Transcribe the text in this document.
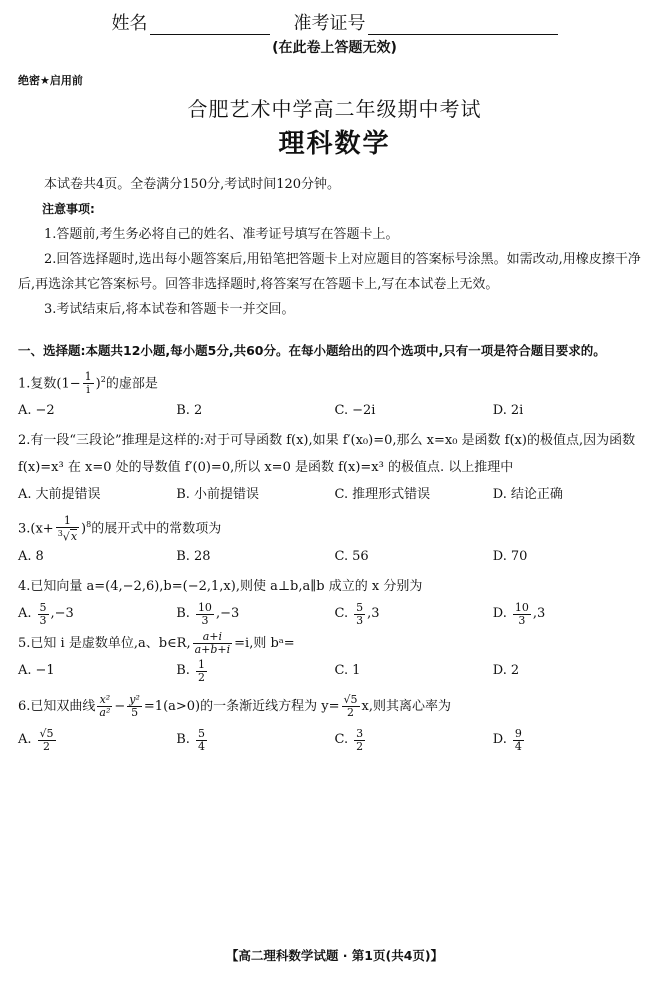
姓名	准考证号
(在此卷上答题无效)
绝密★启用前
合肥艺术中学高二年级期中考试
理科数学

本试卷共4页。全卷满分150分,考试时间120分钟。

注意事项:

1.答题前,考生务必将自己的姓名、准考证号填写在答题卡上。

2.回答选择题时,选出每小题答案后,用铅笔把答题卡上对应题目的答案标号涂黑。如需改动,用橡皮擦干净后,再选涂其它答案标号。回答非选择题时,将答案写在答题卡上,写在本试卷上无效。

3.考试结束后,将本试卷和答题卡一并交回。

一、选择题:本题共12小题,每小题5分,共60分。在每小题给出的四个选项中,只有一项是符合题目要求的。
1.复数$(1- \frac{1}{i} )^2$的虚部是
A. −2	B. 2	C. −2i	D. 2i
2.有一段“三段论”推理是这样的:对于可导函数 f(x),如果 f′(x₀)=0,那么 x=x₀ 是函数 f(x)的极值点,因为函数 f(x)=x³ 在 x=0 处的导数值 f′(0)=0,所以 x=0 是函数 f(x)=x³ 的极值点. 以上推理中
A. 大前提错误	B. 小前提错误	C. 推理形式错误	D. 结论正确
$3.(x+ \frac{1}{^3√x} )^8$的展开式中的常数项为
A. 8	B. 28	C. 56	D. 70
4.已知向量 a=(4,−2,6),b=(−2,1,x),则使 a⊥b,a∥b 成立的 x 分别为
A. $\frac{5}{3} ,-3$	B. $\frac{10}{3} ,-3$	C. $\frac{5}{3} ,3$	D. $\frac{10}{3} ,3$
5.已知 i 是虚数单位,a、b∈R, $\frac{a+i}{a+b+i} =i$,则 bᵃ=
A. −1	B. $\frac{1}{2}$	C. 1	D. 2
6.已知双曲线 $\frac{\text{x²}}{\text{a²}} - \frac{\text{y²}}{5} =1(a>0)$的一条渐近线方程为 $y= \frac{√5}{2} x$,则其离心率为
A. $\frac{√5}{2}$	B. $\frac{5}{4}$	C. $\frac{3}{2}$	D. $\frac{9}{4}$
【高二理科数学试题 · 第1页(共4页)】
